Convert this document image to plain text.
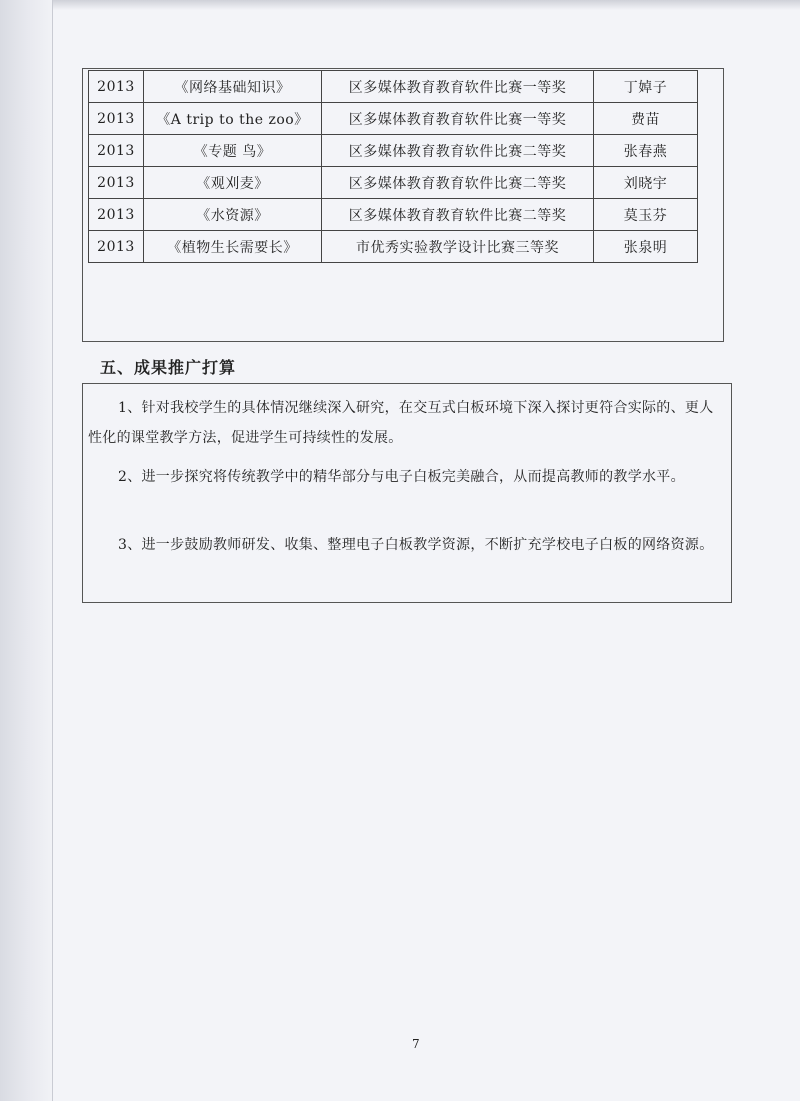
2013	《网络基础知识》	区多媒体教育教育软件比赛一等奖	丁婥子
2013	《A trip to the zoo》	区多媒体教育教育软件比赛一等奖	费苗
2013	《专题 鸟》	区多媒体教育教育软件比赛二等奖	张春燕
2013	《观刈麦》	区多媒体教育教育软件比赛二等奖	刘晓宇
2013	《水资源》	区多媒体教育教育软件比赛二等奖	莫玉芬
2013	《植物生长需要长》	市优秀实验教学设计比赛三等奖	张泉明
五、成果推广打算

1、针对我校学生的具体情况继续深入研究，在交互式白板环境下深入探讨更符合实际的、更人性化的课堂教学方法，促进学生可持续性的发展。

2、进一步探究将传统教学中的精华部分与电子白板完美融合，从而提高教师的教学水平。

3、进一步鼓励教师研发、收集、整理电子白板教学资源，不断扩充学校电子白板的网络资源。

7
